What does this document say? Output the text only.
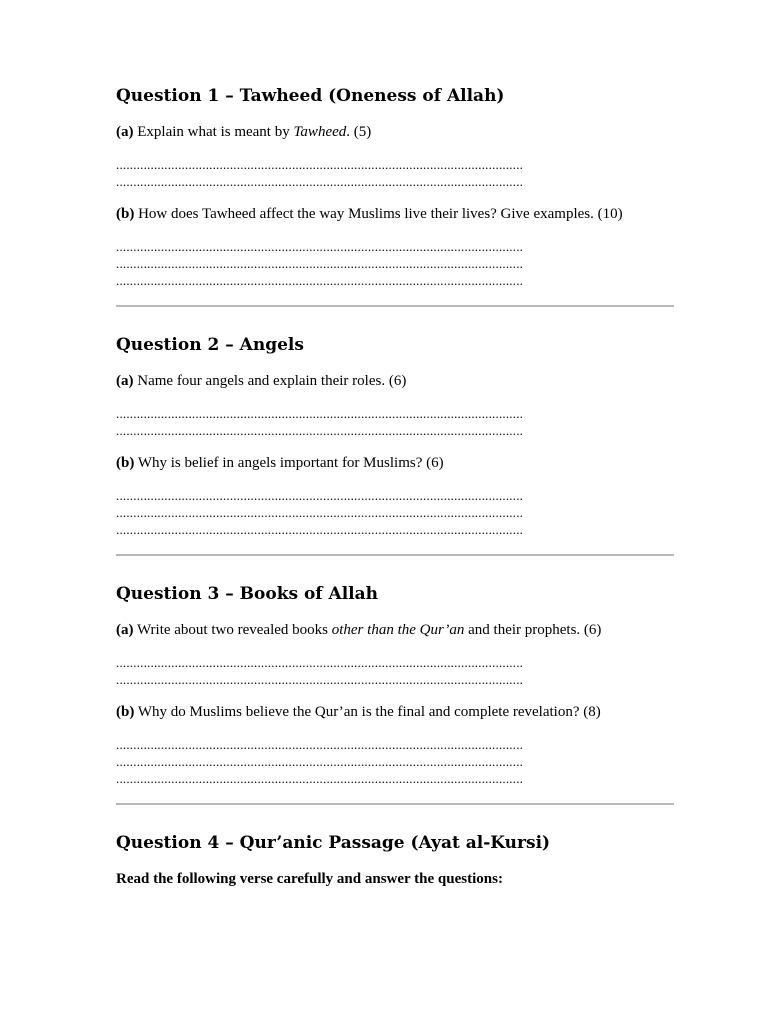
Question 1 – Tawheed (Oneness of Allah)

(a) Explain what is meant by Tawheed. (5)

......................................................................................................................
......................................................................................................................

(b) How does Tawheed affect the way Muslims live their lives? Give examples. (10)

......................................................................................................................
......................................................................................................................
......................................................................................................................
Question 2 – Angels

(a) Name four angels and explain their roles. (6)

......................................................................................................................
......................................................................................................................

(b) Why is belief in angels important for Muslims? (6)

......................................................................................................................
......................................................................................................................
......................................................................................................................
Question 3 – Books of Allah

(a) Write about two revealed books other than the Qur’an and their prophets. (6)

......................................................................................................................
......................................................................................................................

(b) Why do Muslims believe the Qur’an is the final and complete revelation? (8)

......................................................................................................................
......................................................................................................................
......................................................................................................................
Question 4 – Qur’anic Passage (Ayat al-Kursi)

Read the following verse carefully and answer the questions:
